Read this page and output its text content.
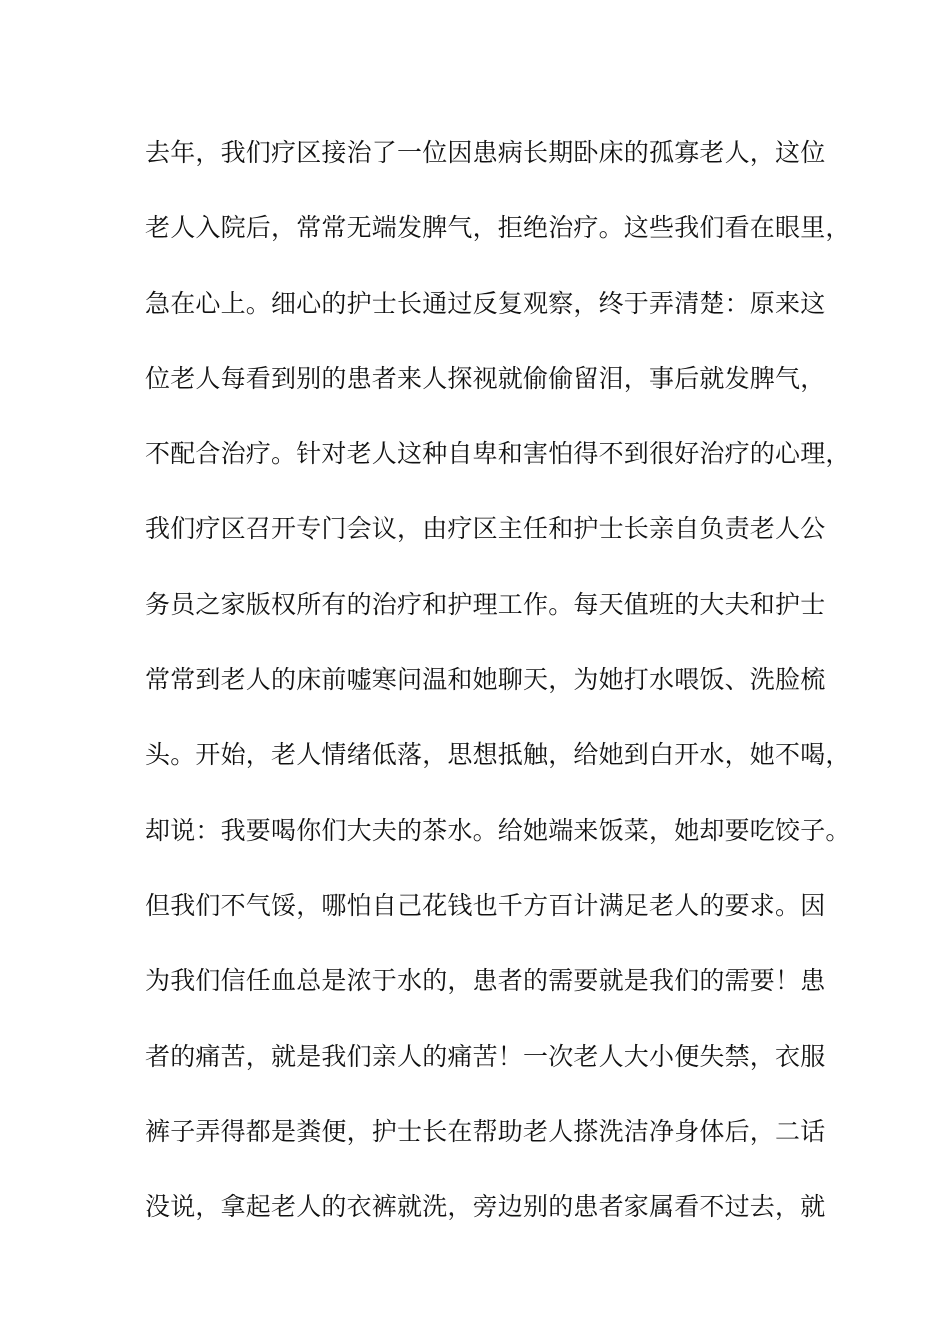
去年，我们疗区接治了一位因患病长期卧床的孤寡老人，这位
老人入院后，常常无端发脾气，拒绝治疗。这些我们看在眼里，
急在心上。细心的护士长通过反复观察，终于弄清楚：原来这
位老人每看到别的患者来人探视就偷偷留泪，事后就发脾气，
不配合治疗。针对老人这种自卑和害怕得不到很好治疗的心理，
我们疗区召开专门会议，由疗区主任和护士长亲自负责老人公
务员之家版权所有的治疗和护理工作。每天值班的大夫和护士
常常到老人的床前嘘寒问温和她聊天，为她打水喂饭、洗脸梳
头。开始，老人情绪低落，思想抵触，给她到白开水，她不喝，
却说：我要喝你们大夫的茶水。给她端来饭菜，她却要吃饺子。
但我们不气馁，哪怕自己花钱也千方百计满足老人的要求。因
为我们信任血总是浓于水的，患者的需要就是我们的需要！患
者的痛苦，就是我们亲人的痛苦！一次老人大小便失禁，衣服
裤子弄得都是粪便，护士长在帮助老人搽洗洁净身体后，二话
没说，拿起老人的衣裤就洗，旁边别的患者家属看不过去，就
